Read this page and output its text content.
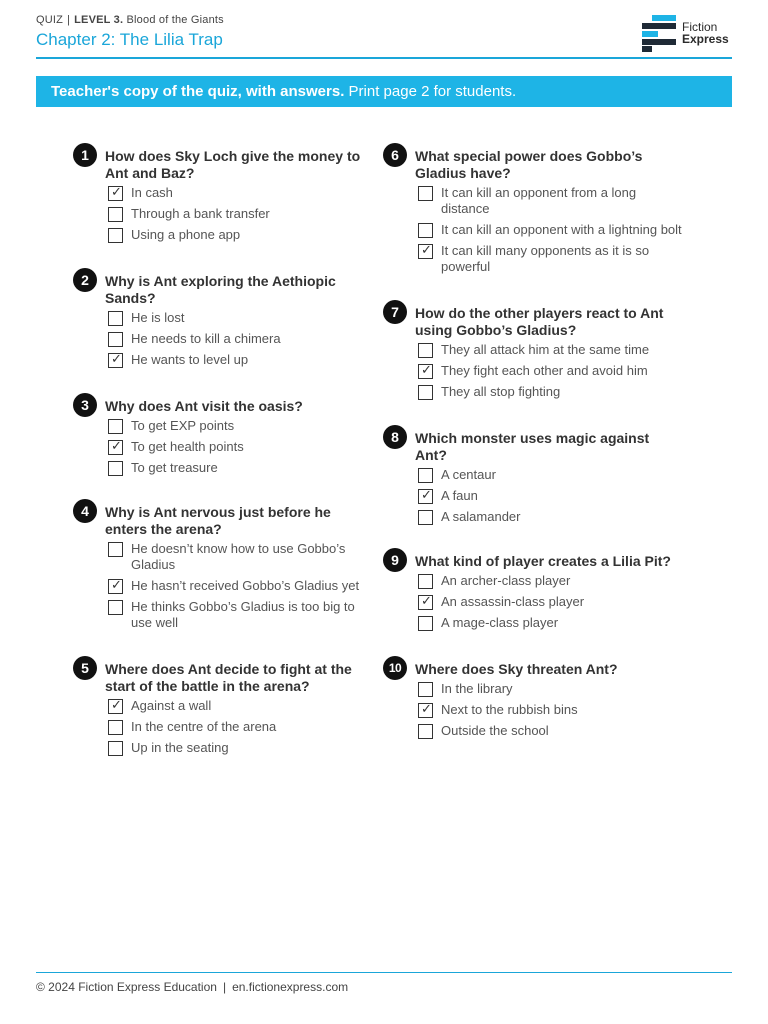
QUIZ | LEVEL 3. Blood of the Giants
Chapter 2: The Lilia Trap
Fiction
Express
Teacher's copy of the quiz, with answers. Print page 2 for students.
1	How does Sky Loch give the money to Ant and Baz?
✓ In cash
Through a bank transfer
Using a phone app
2	Why is Ant exploring the Aethiopic Sands?
He is lost
He needs to kill a chimera
✓ He wants to level up
3	Why does Ant visit the oasis?
To get EXP points
✓ To get health points
To get treasure
4	Why is Ant nervous just before he enters the arena?
He doesn’t know how to use Gobbo’s Gladius
✓ He hasn’t received Gobbo’s Gladius yet
He thinks Gobbo’s Gladius is too big to use well
5	Where does Ant decide to fight at the start of the battle in the arena?
✓ Against a wall
In the centre of the arena
Up in the seating
6	What special power does Gobbo’s Gladius have?
It can kill an opponent from a long distance
It can kill an opponent with a lightning bolt
✓ It can kill many opponents as it is so powerful
7	How do the other players react to Ant using Gobbo’s Gladius?
They all attack him at the same time
✓ They fight each other and avoid him
They all stop fighting
8	Which monster uses magic against Ant?
A centaur
✓ A faun
A salamander
9	What kind of player creates a Lilia Pit?
An archer-class player
✓ An assassin-class player
A mage-class player
10 Where does Sky threaten Ant?
In the library
✓ Next to the rubbish bins
Outside the school
© 2024 Fiction Express Education | en.fictionexpress.com
